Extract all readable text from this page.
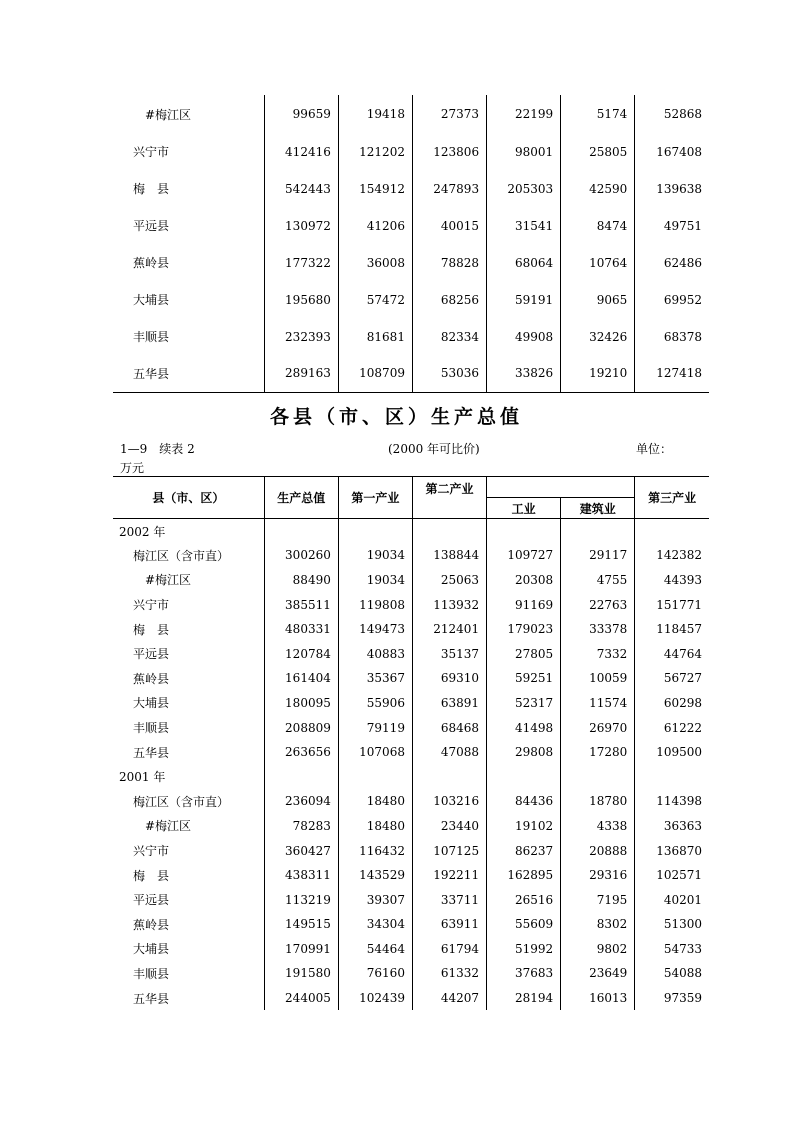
#梅江区	99659	19418	27373	22199	5174	52868
兴宁市	412416	121202	123806	98001	25805	167408
梅　县	542443	154912	247893	205303	42590	139638
平远县	130972	41206	40015	31541	8474	49751
蕉岭县	177322	36008	78828	68064	10764	62486
大埔县	195680	57472	68256	59191	9065	69952
丰顺县	232393	81681	82334	49908	32426	68378
五华县	289163	108709	53036	33826	19210	127418
各县（市、区）生产总值
1—9　续表 2	(2000 年可比价)	单位：
万元
县（市、区）	生产总值	第一产业	第二产业			第三产业
				工业	建筑业	
2002 年						
梅江区（含市直）	300260	19034	138844	109727	29117	142382
#梅江区	88490	19034	25063	20308	4755	44393
兴宁市	385511	119808	113932	91169	22763	151771
梅　县	480331	149473	212401	179023	33378	118457
平远县	120784	40883	35137	27805	7332	44764
蕉岭县	161404	35367	69310	59251	10059	56727
大埔县	180095	55906	63891	52317	11574	60298
丰顺县	208809	79119	68468	41498	26970	61222
五华县	263656	107068	47088	29808	17280	109500
2001 年						
梅江区（含市直）	236094	18480	103216	84436	18780	114398
#梅江区	78283	18480	23440	19102	4338	36363
兴宁市	360427	116432	107125	86237	20888	136870
梅　县	438311	143529	192211	162895	29316	102571
平远县	113219	39307	33711	26516	7195	40201
蕉岭县	149515	34304	63911	55609	8302	51300
大埔县	170991	54464	61794	51992	9802	54733
丰顺县	191580	76160	61332	37683	23649	54088
五华县	244005	102439	44207	28194	16013	97359
